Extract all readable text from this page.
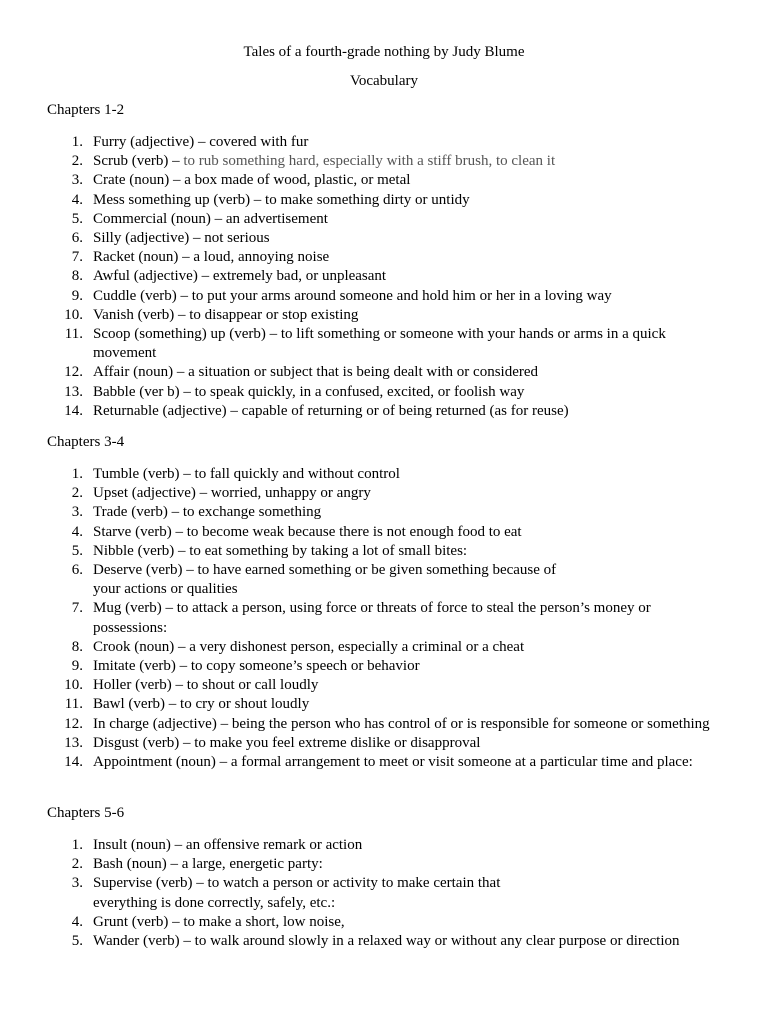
Tales of a fourth-grade nothing by Judy Blume
Vocabulary
Chapters 1-2
1. Furry (adjective) – covered with fur
2. Scrub (verb) – to rub something hard, especially with a stiff brush, to clean it
3. Crate (noun) – a box made of wood, plastic, or metal
4. Mess something up (verb) – to make something dirty or untidy
5. Commercial (noun) – an advertisement
6. Silly (adjective) – not serious
7. Racket (noun) – a loud, annoying noise
8. Awful (adjective) – extremely bad, or unpleasant
9. Cuddle (verb) – to put your arms around someone and hold him or her in a loving way
10. Vanish (verb) – to disappear or stop existing
11. Scoop (something) up (verb) – to lift something or someone with your hands or arms in a quick movement
12. Affair (noun) – a situation or subject that is being dealt with or considered
13. Babble (ver b) – to speak quickly, in a confused, excited, or foolish way
14. Returnable (adjective) – capable of returning or of being returned (as for reuse)
Chapters 3-4
1. Tumble (verb) – to fall quickly and without control
2. Upset (adjective) – worried, unhappy or angry
3. Trade (verb) – to exchange something
4. Starve (verb) – to become weak because there is not enough food to eat
5. Nibble (verb) – to eat something by taking a lot of small bites:
6. Deserve (verb) – to have earned something or be given something because of your actions or qualities
7. Mug (verb) – to attack a person, using force or threats of force to steal the person’s money or possessions:
8. Crook (noun) – a very dishonest person, especially a criminal or a cheat
9. Imitate (verb) – to copy someone’s speech or behavior
10. Holler (verb) – to shout or call loudly
11. Bawl (verb) – to cry or shout loudly
12. In charge (adjective) – being the person who has control of or is responsible for someone or something
13. Disgust (verb) – to make you feel extreme dislike or disapproval
14. Appointment (noun) – a formal arrangement to meet or visit someone at a particular time and place:
Chapters 5-6
1. Insult (noun) – an offensive remark or action
2. Bash (noun) – a large, energetic party:
3. Supervise (verb) – to watch a person or activity to make certain that everything is done correctly, safely, etc.:
4. Grunt (verb) – to make a short, low noise,
5. Wander (verb) – to walk around slowly in a relaxed way or without any clear purpose or direction
